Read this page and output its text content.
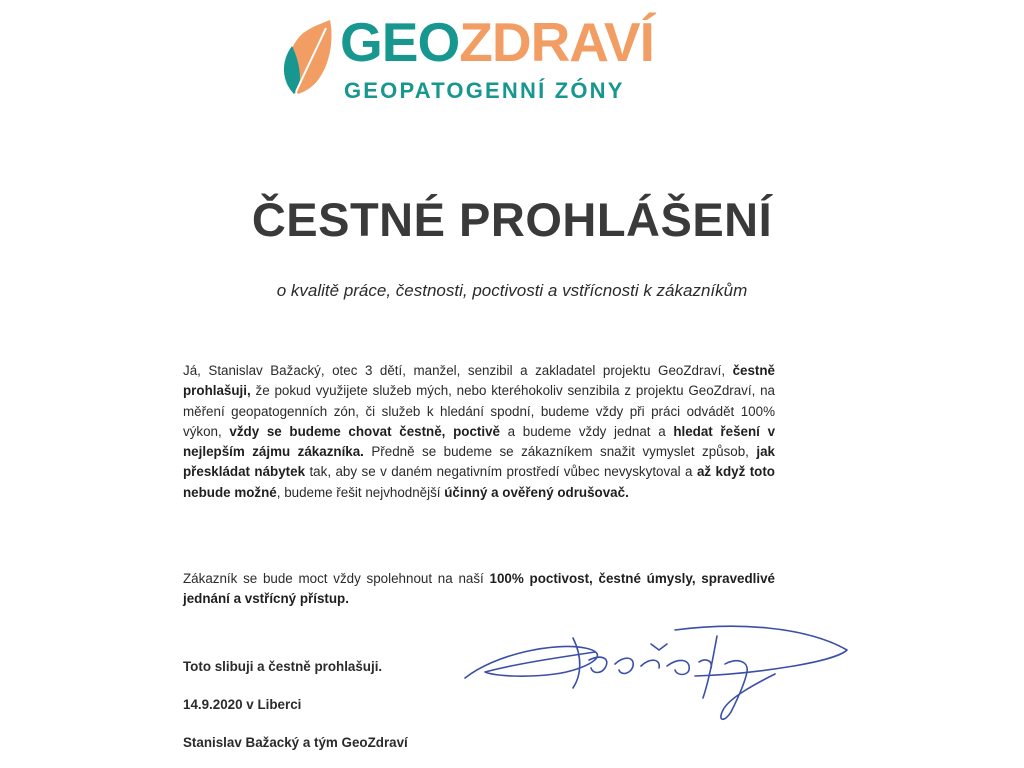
GEOZDRAVÍ
GEOPATOGENNÍ ZÓNY
ČESTNÉ PROHLÁŠENÍ

o kvalitě práce, čestnosti, poctivosti a vstřícnosti k zákazníkům

Já, Stanislav Bažacký, otec 3 dětí, manžel, senzibil a zakladatel projektu GeoZdraví, čestně prohlašuji, že pokud využijete služeb mých, nebo kteréhokoliv senzibila z projektu GeoZdraví, na měření geopatogenních zón, či služeb k hledání spodní, budeme vždy při práci odvádět 100% výkon, vždy se budeme chovat čestně, poctivě a budeme vždy jednat a hledat řešení v nejlepším zájmu zákazníka. Předně se budeme se zákazníkem snažit vymyslet způsob, jak přeskládat nábytek tak, aby se v daném negativním prostředí vůbec nevyskytoval a až když toto nebude možné, budeme řešit nejvhodnější účinný a ověřený odrušovač.

Zákazník se bude moct vždy spolehnout na naší 100% poctivost, čestné úmysly, spravedlivé jednání a vstřícný přístup.

Toto slibuji a čestně prohlašuji.

14.9.2020 v Liberci

Stanislav Bažacký a tým GeoZdraví
